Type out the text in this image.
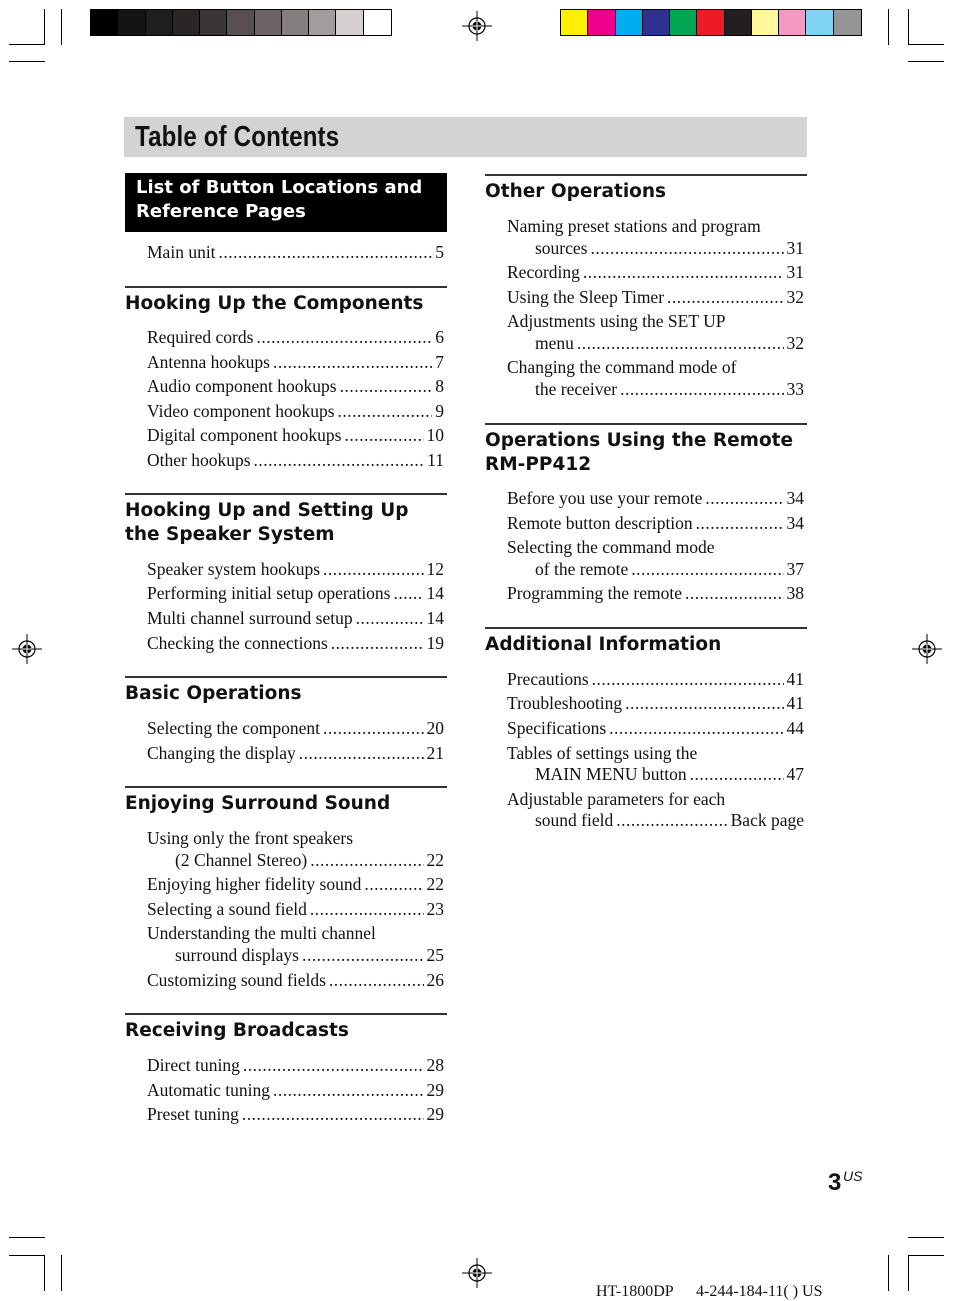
Table of Contents
List of Button Locations and
Reference Pages
Main unit .....	5
Hooking Up the Components
Required cords .....	6
Antenna hookups .....	7
Audio component hookups .....	8
Video component hookups .....	9
Digital component hookups .....	10
Other hookups .....	11
Hooking Up and Setting Up
the Speaker System
Speaker system hookups .....	12
Performing initial setup operations ..... 14
Multi channel surround setup .....	14
Checking the connections .....	19
Basic Operations
Selecting the component .....	20
Changing the display .....	21
Enjoying Surround Sound
Using only the front speakers
(2 Channel Stereo) .....	22
Enjoying higher fidelity sound .....	22
Selecting a sound field .....	23
Understanding the multi channel
surround displays .....	25
Customizing sound fields .....	26
Receiving Broadcasts
Direct tuning .....	28
Automatic tuning .....	29
Preset tuning .....	29
Other Operations
Naming preset stations and program
sources .....	31
Recording .....	31
Using the Sleep Timer .....	32
Adjustments using the SET UP
menu .....	32
Changing the command mode of
the receiver .....	33
Operations Using the Remote
RM-PP412
Before you use your remote .....	34
Remote button description .....	34
Selecting the command mode
of the remote .....	37
Programming the remote .....	38
Additional Information
Precautions .....	41
Troubleshooting .....	41
Specifications .....	44
Tables of settings using the
MAIN MENU button .....	47
Adjustable parameters for each
sound field .....	Back page
3 US
HT-1800DP 4-244-184-11( ) US
